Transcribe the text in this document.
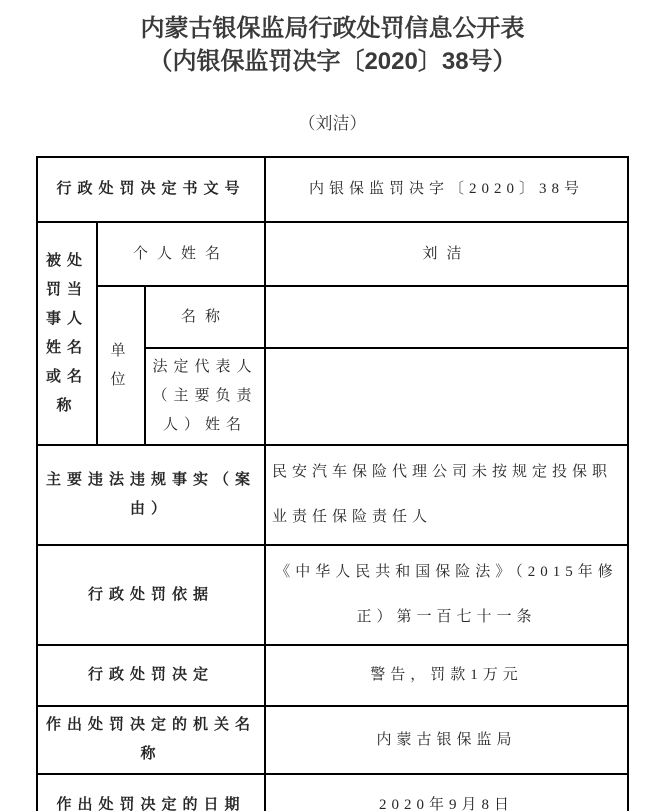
内蒙古银保监局行政处罚信息公开表
（内银保监罚决字〔2020〕38号）
（刘洁）
行政处罚决定书文号			内银保监罚决字〔2020〕38号
被处罚当事人姓名或名称	个人姓名		刘洁
	单位	名称	
		法定代表人（主要负责人）姓名	
主要违法违规事实（案由）			民安汽车保险代理公司未按规定投保职业责任保险责任人
行政处罚依据			《中华人民共和国保险法》（2015年修正）第一百七十一条
行政处罚决定			警告，罚款1万元
作出处罚决定的机关名称			内蒙古银保监局
作出处罚决定的日期			2020年9月8日
